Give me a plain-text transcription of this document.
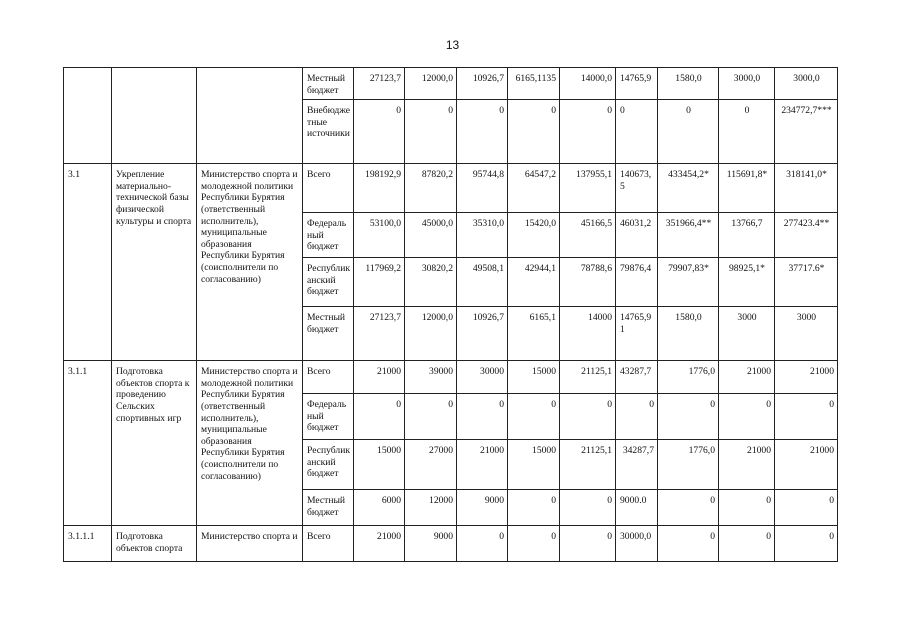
13
			Местный бюджет	27123,7	12000,0	10926,7	6165,1135	14000,0	14765,9	1580,0	3000,0	3000,0
			Внебюджетные источники	0	0	0	0	0	0	0	0	234772,7***
3.1	Укрепление материально-технической базы физической культуры и спорта	Министерство спорта и молодежной политики Республики Бурятия (ответственный исполнитель), муниципальные образования Республики Бурятия (соисполнители по согласованию)	Всего	198192,9	87820,2	95744,8	64547,2	137955,1	140673,5	433454,2*	115691,8*	318141,0*
			Федеральный бюджет	53100,0	45000,0	35310,0	15420,0	45166,5	46031,2	351966,4**	13766,7	277423.4**
			Республиканский бюджет	117969,2	30820,2	49508,1	42944,1	78788,6	79876,4	79907,83*	98925,1*	37717.6*
			Местный бюджет	27123,7	12000,0	10926,7	6165,1	14000	14765,91	1580,0	3000	3000
3.1.1	Подготовка объектов спорта к проведению Сельских спортивных игр	Министерство спорта и молодежной политики Республики Бурятия (ответственный исполнитель), муниципальные образования Республики Бурятия (соисполнители по согласованию)	Всего	21000	39000	30000	15000	21125,1	43287,7	1776,0	21000	21000
			Федеральный бюджет	0	0	0	0	0	0	0	0	0
			Республиканский бюджет	15000	27000	21000	15000	21125,1	34287,7	1776,0	21000	21000
			Местный бюджет	6000	12000	9000	0	0	9000.0	0	0	0
3.1.1.1	Подготовка объектов спорта	Министерство спорта и	Всего	21000	9000	0	0	0	30000,0	0	0	0
